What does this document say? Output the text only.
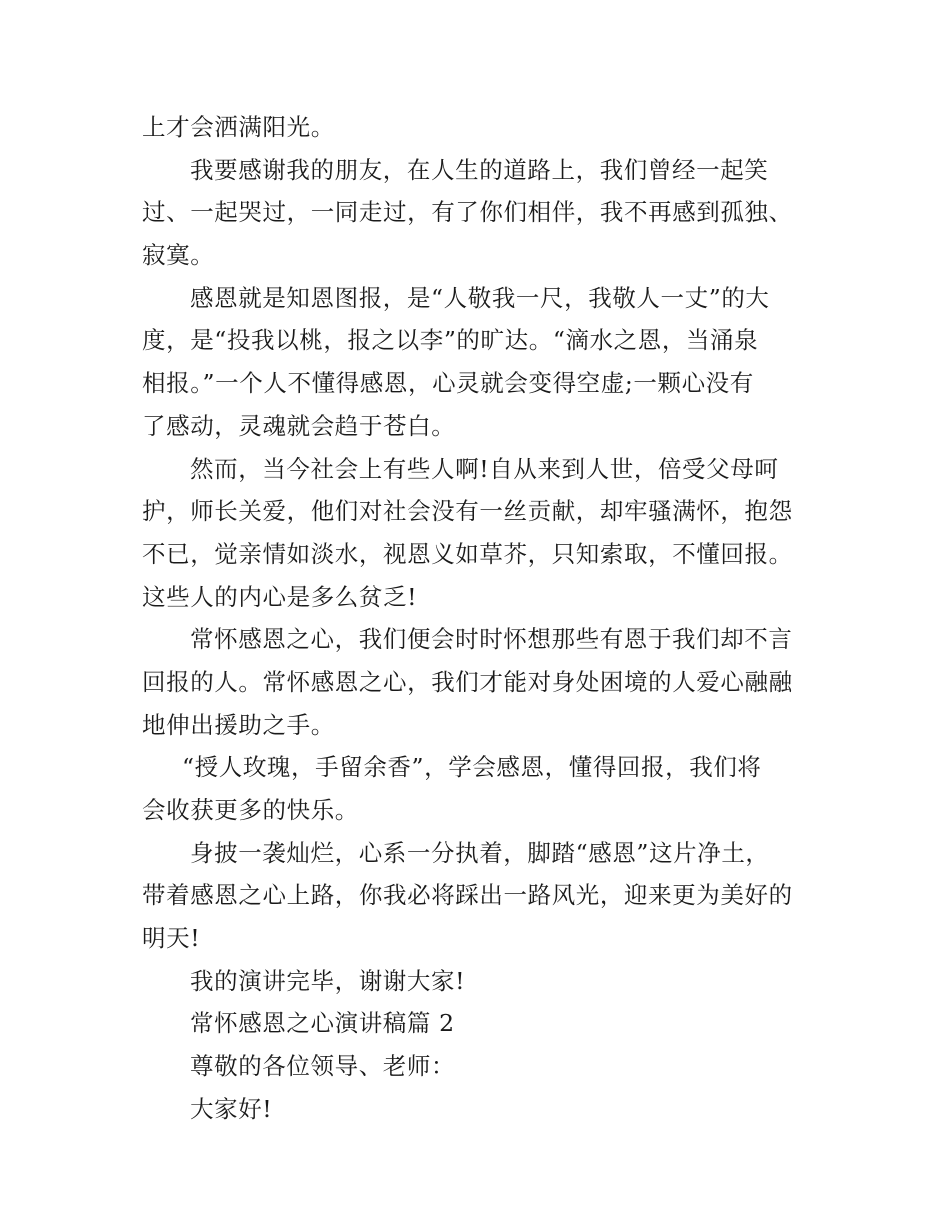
上才会洒满阳光。
我要感谢我的朋友，在人生的道路上，我们曾经一起笑
过、一起哭过，一同走过，有了你们相伴，我不再感到孤独、
寂寞。
感恩就是知恩图报，是“人敬我一尺，我敬人一丈”的大
度，是“投我以桃，报之以李”的旷达。“滴水之恩，当涌泉
相报。”一个人不懂得感恩，心灵就会变得空虚;一颗心没有
了感动，灵魂就会趋于苍白。
然而，当今社会上有些人啊!自从来到人世，倍受父母呵
护，师长关爱，他们对社会没有一丝贡献，却牢骚满怀，抱怨
不已，觉亲情如淡水，视恩义如草芥，只知索取，不懂回报。
这些人的内心是多么贫乏!
常怀感恩之心，我们便会时时怀想那些有恩于我们却不言
回报的人。常怀感恩之心，我们才能对身处困境的人爱心融融
地伸出援助之手。
“授人玫瑰，手留余香”，学会感恩，懂得回报，我们将
会收获更多的快乐。
身披一袭灿烂，心系一分执着，脚踏“感恩”这片净土，
带着感恩之心上路，你我必将踩出一路风光，迎来更为美好的
明天!
我的演讲完毕，谢谢大家!
常怀感恩之心演讲稿篇 2
尊敬的各位领导、老师：
大家好!
